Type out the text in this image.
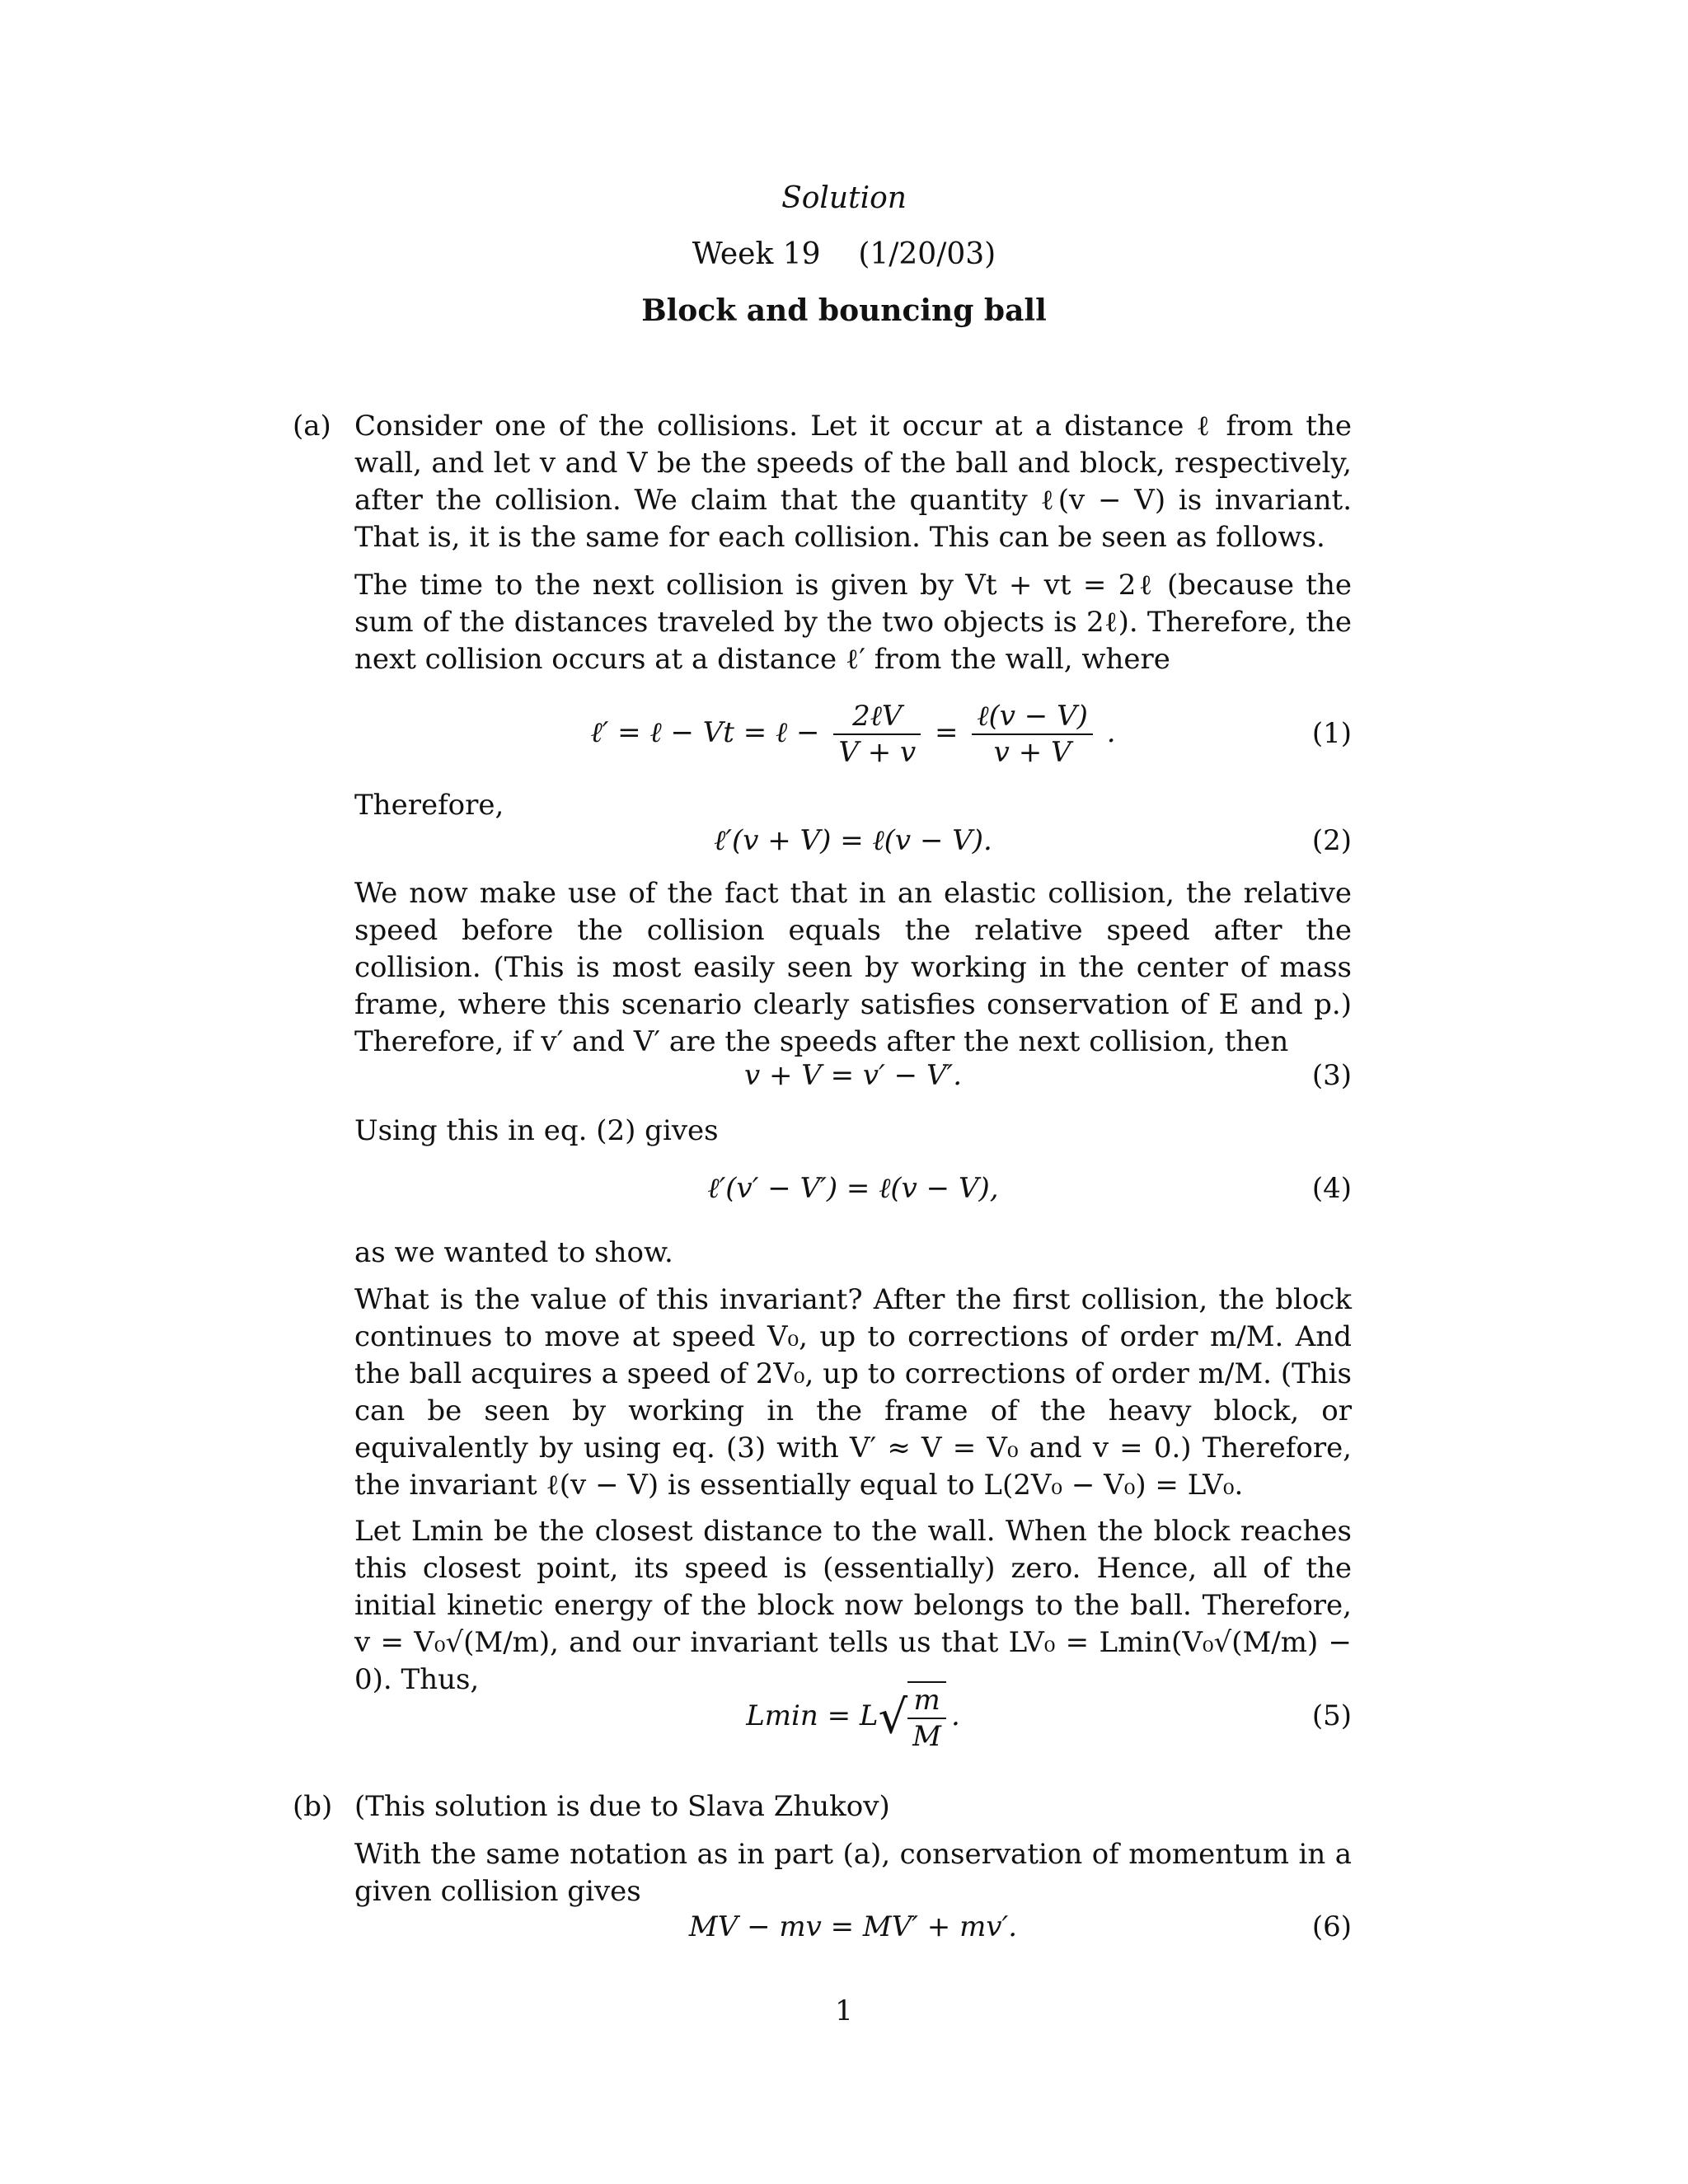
Solution
Week 19    (1/20/03)
Block and bouncing ball
(a) Consider one of the collisions. Let it occur at a distance ℓ from the wall, and let v and V be the speeds of the ball and block, respectively, after the collision. We claim that the quantity ℓ(v − V) is invariant. That is, it is the same for each collision. This can be seen as follows.
The time to the next collision is given by Vt + vt = 2ℓ (because the sum of the distances traveled by the two objects is 2ℓ). Therefore, the next collision occurs at a distance ℓ′ from the wall, where
ℓ′ = ℓ − Vt = ℓ − $\frac{\text{2ℓV}}{V + v} = \frac{\text{ℓ(v − V)}}{v + V}$ .	(1)
Therefore,
ℓ′(v + V) = ℓ(v − V).	(2)
We now make use of the fact that in an elastic collision, the relative speed before the collision equals the relative speed after the collision. (This is most easily seen by working in the center of mass frame, where this scenario clearly satisfies conservation of E and p.) Therefore, if v′ and V′ are the speeds after the next collision, then
v + V = v′ − V′.	(3)
Using this in eq. (2) gives
ℓ′(v′ − V′) = ℓ(v − V),	(4)
as we wanted to show.
What is the value of this invariant? After the first collision, the block continues to move at speed V₀, up to corrections of order m/M. And the ball acquires a speed of 2V₀, up to corrections of order m/M. (This can be seen by working in the frame of the heavy block, or equivalently by using eq. (3) with V′ ≈ V = V₀ and v = 0.) Therefore, the invariant ℓ(v − V) is essentially equal to L(2V₀ − V₀) = LV₀.
Let Lmin be the closest distance to the wall. When the block reaches this closest point, its speed is (essentially) zero. Hence, all of the initial kinetic energy of the block now belongs to the ball. Therefore, v = V₀√(M/m), and our invariant tells us that LV₀ = Lmin(V₀√(M/m) − 0). Thus,
$Lmin = L√ \frac{m}{M}$ .	(5)
(b) (This solution is due to Slava Zhukov)
With the same notation as in part (a), conservation of momentum in a given collision gives
MV − mv = MV′ + mv′.	(6)
1
